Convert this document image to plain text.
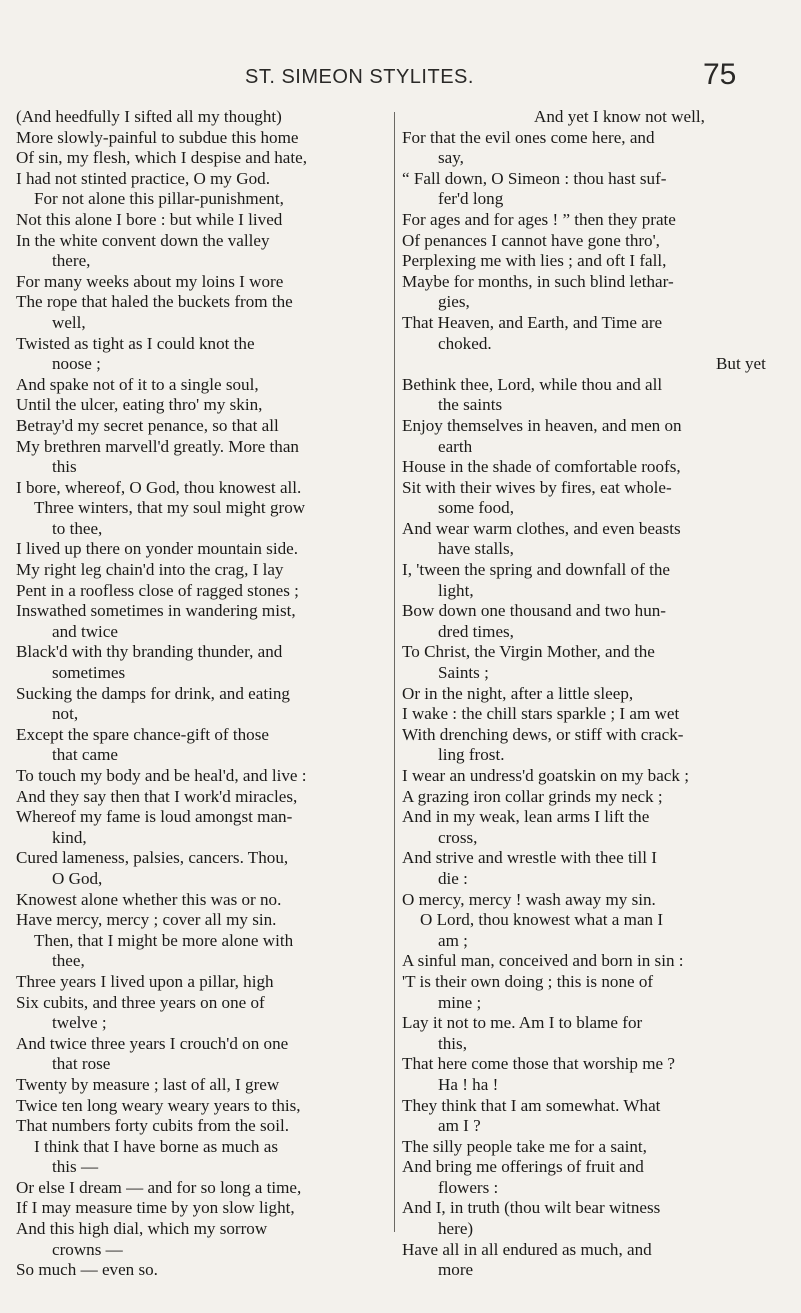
ST. SIMEON STYLITES.	75
(And heedfully I sifted all my thought)
More slowly-painful to subdue this home
Of sin, my flesh, which I despise and hate,
I had not stinted practice, O my God.
For not alone this pillar-punishment,
Not this alone I bore : but while I lived
In the white convent down the valley
there,
For many weeks about my loins I wore
The rope that haled the buckets from the
well,
Twisted as tight as I could knot the
noose ;
And spake not of it to a single soul,
Until the ulcer, eating thro' my skin,
Betray'd my secret penance, so that all
My brethren marvell'd greatly. More than
this
I bore, whereof, O God, thou knowest all.
Three winters, that my soul might grow
to thee,
I lived up there on yonder mountain side.
My right leg chain'd into the crag, I lay
Pent in a roofless close of ragged stones ;
Inswathed sometimes in wandering mist,
and twice
Black'd with thy branding thunder, and
sometimes
Sucking the damps for drink, and eating
not,
Except the spare chance-gift of those
that came
To touch my body and be heal'd, and live :
And they say then that I work'd miracles,
Whereof my fame is loud amongst man-
kind,
Cured lameness, palsies, cancers. Thou,
O God,
Knowest alone whether this was or no.
Have mercy, mercy ; cover all my sin.
Then, that I might be more alone with
thee,
Three years I lived upon a pillar, high
Six cubits, and three years on one of
twelve ;
And twice three years I crouch'd on one
that rose
Twenty by measure ; last of all, I grew
Twice ten long weary weary years to this,
That numbers forty cubits from the soil.
I think that I have borne as much as
this —
Or else I dream — and for so long a time,
If I may measure time by yon slow light,
And this high dial, which my sorrow
crowns —
So much — even so.
And yet I know not well,
For that the evil ones come here, and
say,
“ Fall down, O Simeon : thou hast suf-
fer'd long
For ages and for ages ! ” then they prate
Of penances I cannot have gone thro',
Perplexing me with lies ; and oft I fall,
Maybe for months, in such blind lethar-
gies,
That Heaven, and Earth, and Time are
choked.
But yet
Bethink thee, Lord, while thou and all
the saints
Enjoy themselves in heaven, and men on
earth
House in the shade of comfortable roofs,
Sit with their wives by fires, eat whole-
some food,
And wear warm clothes, and even beasts
have stalls,
I, 'tween the spring and downfall of the
light,
Bow down one thousand and two hun-
dred times,
To Christ, the Virgin Mother, and the
Saints ;
Or in the night, after a little sleep,
I wake : the chill stars sparkle ; I am wet
With drenching dews, or stiff with crack-
ling frost.
I wear an undress'd goatskin on my back ;
A grazing iron collar grinds my neck ;
And in my weak, lean arms I lift the
cross,
And strive and wrestle with thee till I
die :
O mercy, mercy ! wash away my sin.
O Lord, thou knowest what a man I
am ;
A sinful man, conceived and born in sin :
'T is their own doing ; this is none of
mine ;
Lay it not to me. Am I to blame for
this,
That here come those that worship me ?
Ha ! ha !
They think that I am somewhat. What
am I ?
The silly people take me for a saint,
And bring me offerings of fruit and
flowers :
And I, in truth (thou wilt bear witness
here)
Have all in all endured as much, and
more
